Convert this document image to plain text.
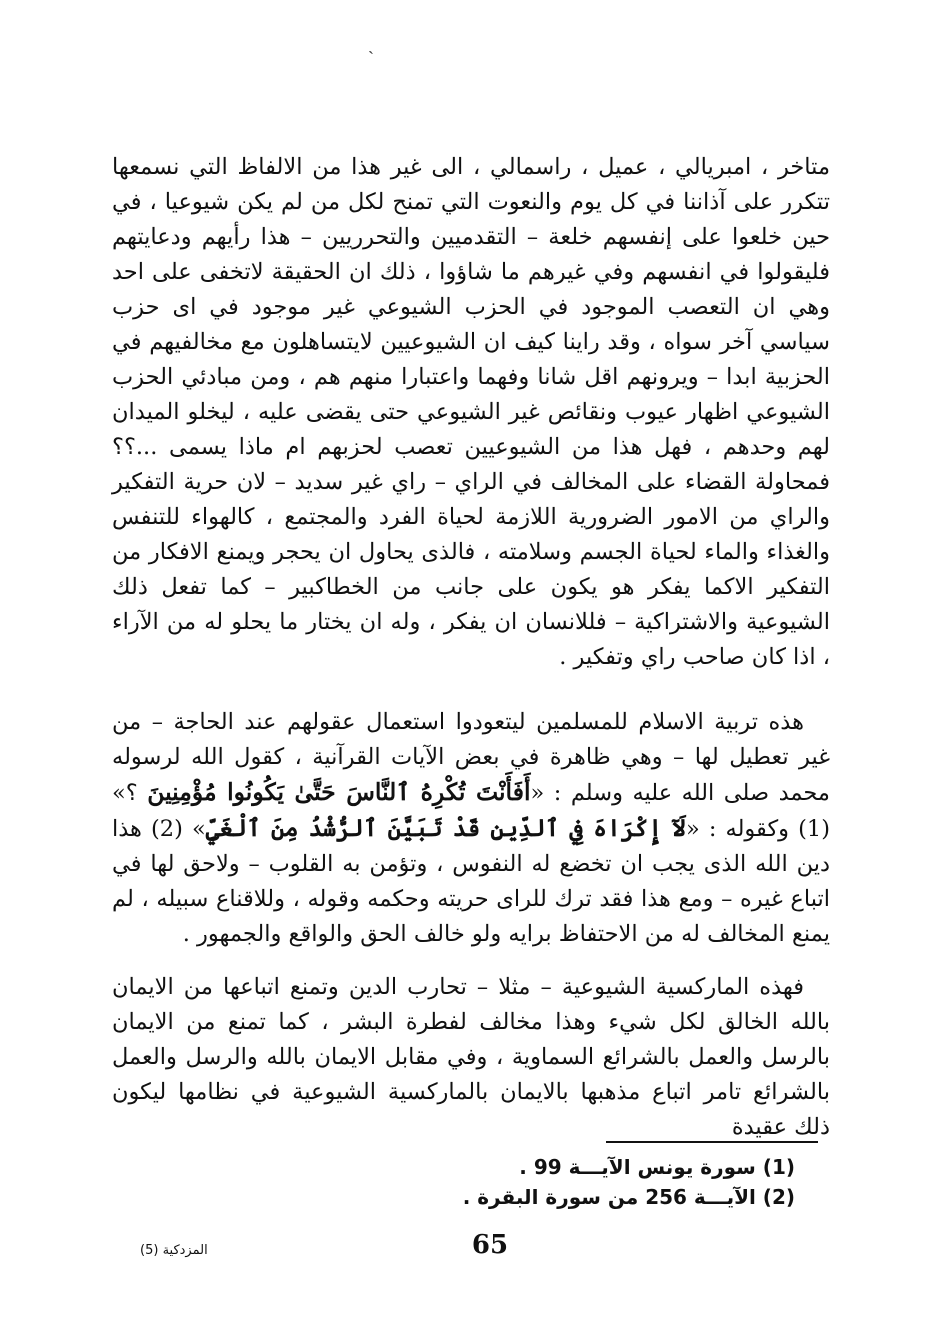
ˎ

متاخر ، امبريالي ، عميل ، راسمالي ، الى غير هذا من الالفاظ التي نسمعها تتكرر على آذاننا في كل يوم والنعوت التي تمنح لكل من لم يكن شيوعيا ، في حين خلعوا على إنفسهم خلعة – التقدميين والتحرريين – هذا رأيهم ودعايتهم فليقولوا في انفسهم وفي غيرهم ما شاؤوا ، ذلك ان الحقيقة لاتخفى على احد وهي ان التعصب الموجود في الحزب الشيوعي غير موجود في اى حزب سياسي آخر سواه ، وقد راينا كيف ان الشيوعيين لايتساهلون مع مخالفيهم في الحزبية ابدا – ويرونهم اقل شانا وفهما واعتبارا منهم هم ، ومن مبادئي الحزب الشيوعي اظهار عيوب ونقائص غير الشيوعي حتى يقضى عليه ، ليخلو الميدان لهم وحدهم ، فهل هذا من الشيوعيين تعصب لحزبهم ام ماذا يسمى ...؟؟ فمحاولة القضاء على المخالف في الراي – راي غير سديد – لان حرية التفكير والراي من الامور الضرورية اللازمة لحياة الفرد والمجتمع ، كالهواء للتنفس والغذاء والماء لحياة الجسم وسلامته ، فالذى يحاول ان يحجر ويمنع الافكار من التفكير الاكما يفكر هو يكون على جانب من الخطاكبير – كما تفعل ذلك الشيوعية والاشتراكية – فللانسان ان يفكر ، وله ان يختار ما يحلو له من الآراء ، اذا كان صاحب راي وتفكير .

هذه تربية الاسلام للمسلمين ليتعودوا استعمال عقولهم عند الحاجة – من غير تعطيل لها – وهي ظاهرة في بعض الآيات القرآنية ، كقول الله لرسوله محمد صلى الله عليه وسلم : «أَفَأَنْتَ تُكْرِهُ ٱلنَّاسَ حَتَّىٰ يَكُونُوا مُؤْمِنِينَ ؟» (1) وكقوله : «لَآ إِكْرَاهَ فِي ٱلدِّينِ قَدْ تَبَيَّنَ ٱلرُّشْدُ مِنَ ٱلْغَيِّ» (2) هذا دين الله الذى يجب ان تخضع له النفوس ، وتؤمن به القلوب – ولاحق لها في اتباع غيره – ومع هذا فقد ترك للراى حريته وحكمه وقوله ، وللاقناع سبيله ، لم يمنع المخالف له من الاحتفاظ برايه ولو خالف الحق والواقع والجمهور .

فهذه الماركسية الشيوعية – مثلا – تحارب الدين وتمنع اتباعها من الايمان بالله الخالق لكل شيء وهذا مخالف لفطرة البشر ، كما تمنع من الايمان بالرسل والعمل بالشرائع السماوية ، وفي مقابل الايمان بالله والرسل والعمل بالشرائع تامر اتباع مذهبها بالايمان بالماركسية الشيوعية في نظامها ليكون ذلك عقيدة

(1) سورة يونس الآيـــة 99 .
(2) الآيـــة 256 من سورة البقرة .
65
المزدكية (5)
